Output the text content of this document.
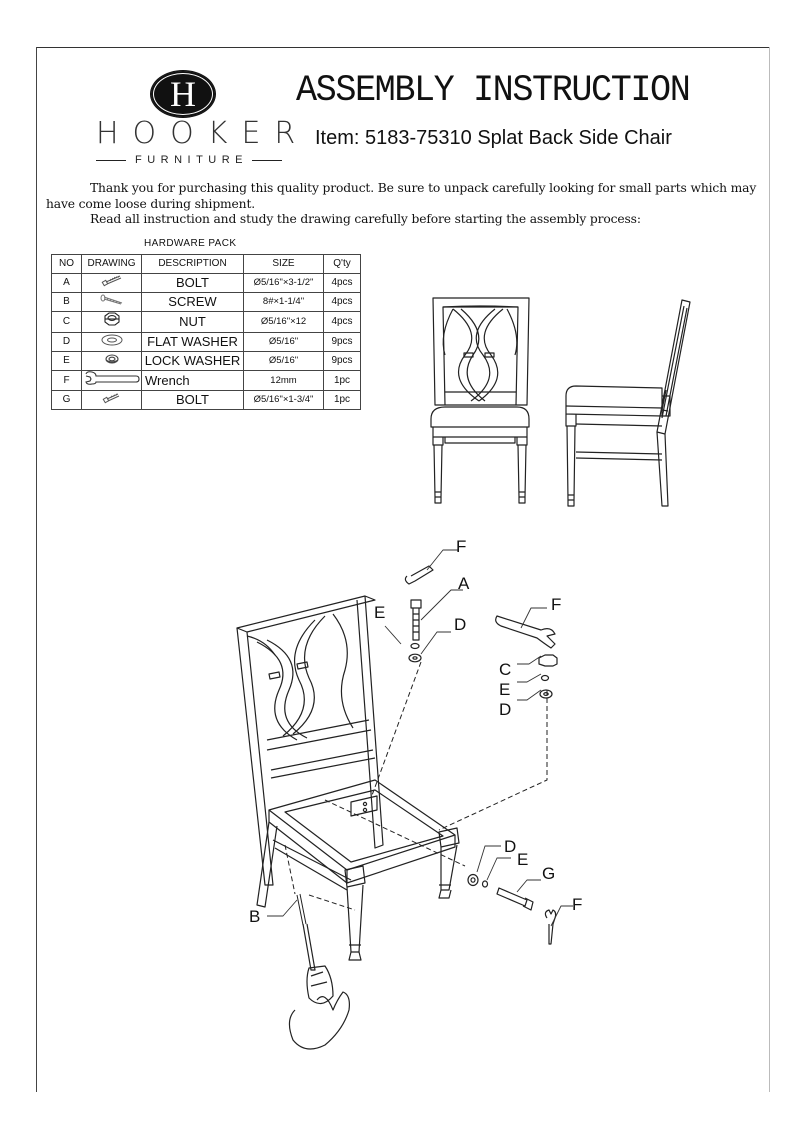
H
HOOKER
FURNITURE
ASSEMBLY INSTRUCTION
Item: 5183-75310 Splat Back Side Chair

Thank you for purchasing this quality product. Be sure to unpack carefully looking for small parts which may have come loose during shipment.

Read all instruction and study the drawing carefully before starting the assembly process:

HARDWARE PACK
NO	DRAWING	DESCRIPTION	SIZE	Q'ty
A		BOLT	Ø5/16"×3-1/2"	4pcs
B		SCREW	8#×1-1/4"	4pcs
C		NUT	Ø5/16"×12	4pcs
D		FLAT WASHER	Ø5/16"	9pcs
E		LOCK WASHER	Ø5/16"	9pcs
F		Wrench	12mm	1pc
G		BOLT	Ø5/16"×1-3/4"	1pc
F
A
E
D
F
C
E
D
D
E
G
F
B
